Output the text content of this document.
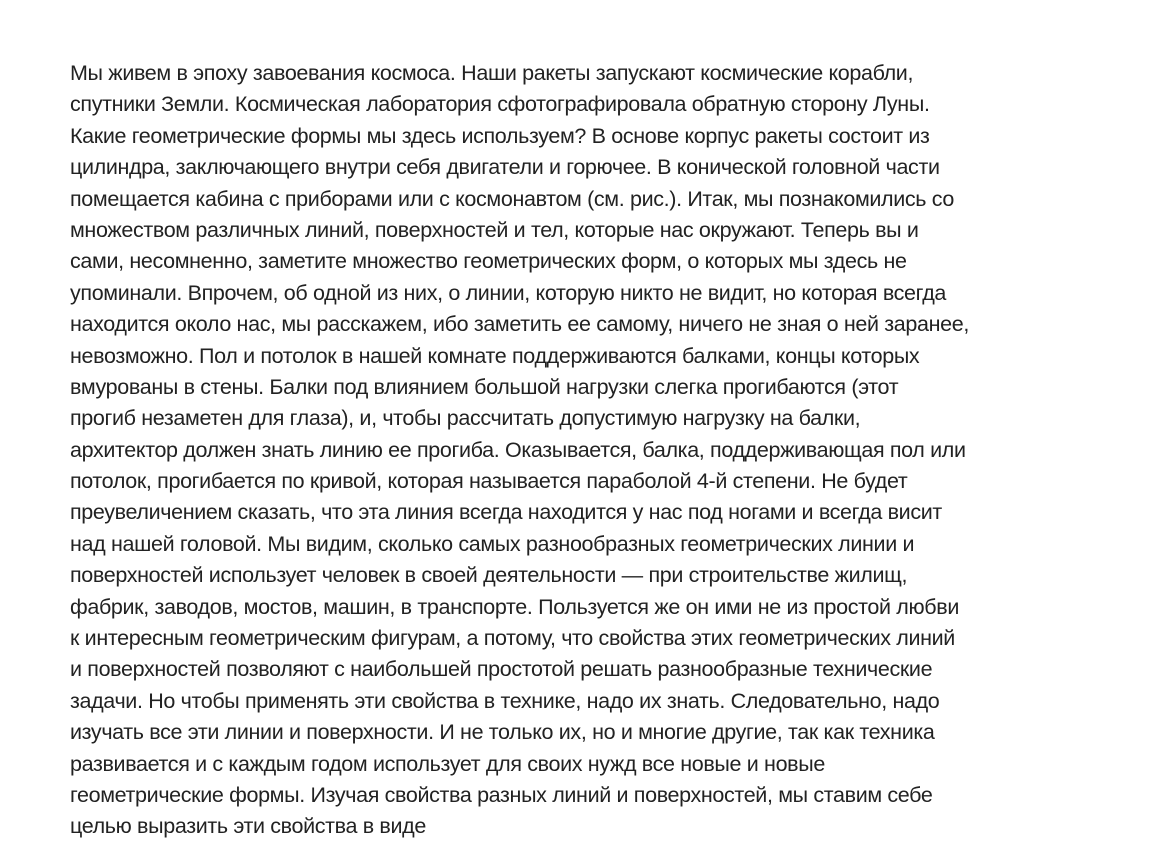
Мы живем в эпоху завоевания космоса. Наши ракеты запускают космические корабли,
спутники Земли. Космическая лаборатория сфотографировала обратную сторону Луны.
Какие геометрические формы мы здесь используем? В основе корпус ракеты состоит из
цилиндра, заключающего внутри себя двигатели и горючее. В конической головной части
помещается кабина с приборами или с космонавтом (см. рис.). Итак, мы познакомились со
множеством различных линий, поверхностей и тел, которые нас окружают. Теперь вы и
сами, несомненно, заметите множество геометрических форм, о которых мы здесь не
упоминали. Впрочем, об одной из них, о линии, которую никто не видит, но которая всегда
находится около нас, мы расскажем, ибо заметить ее самому, ничего не зная о ней заранее,
невозможно. Пол и потолок в нашей комнате поддерживаются балками, концы которых
вмурованы в стены. Балки под влиянием большой нагрузки слегка прогибаются (этот
прогиб незаметен для глаза), и, чтобы рассчитать допустимую нагрузку на балки,
архитектор должен знать линию ее прогиба. Оказывается, балка, поддерживающая пол или
потолок, прогибается по кривой, которая называется параболой 4-й степени. Не будет
преувеличением сказать, что эта линия всегда находится у нас под ногами и всегда висит
над нашей головой. Мы видим, сколько самых разнообразных геометрических линии и
поверхностей использует человек в своей деятельности — при строительстве жилищ,
фабрик, заводов, мостов, машин, в транспорте. Пользуется же он ими не из простой любви
к интересным геометрическим фигурам, а потому, что свойства этих геометрических линий
и поверхностей позволяют с наибольшей простотой решать разнообразные технические
задачи. Но чтобы применять эти свойства в технике, надо их знать. Следовательно, надо
изучать все эти линии и поверхности. И не только их, но и многие другие, так как техника
развивается и с каждым годом использует для своих нужд все новые и новые
геометрические формы. Изучая свойства разных линий и поверхностей, мы ставим себе
целью выразить эти свойства в виде
